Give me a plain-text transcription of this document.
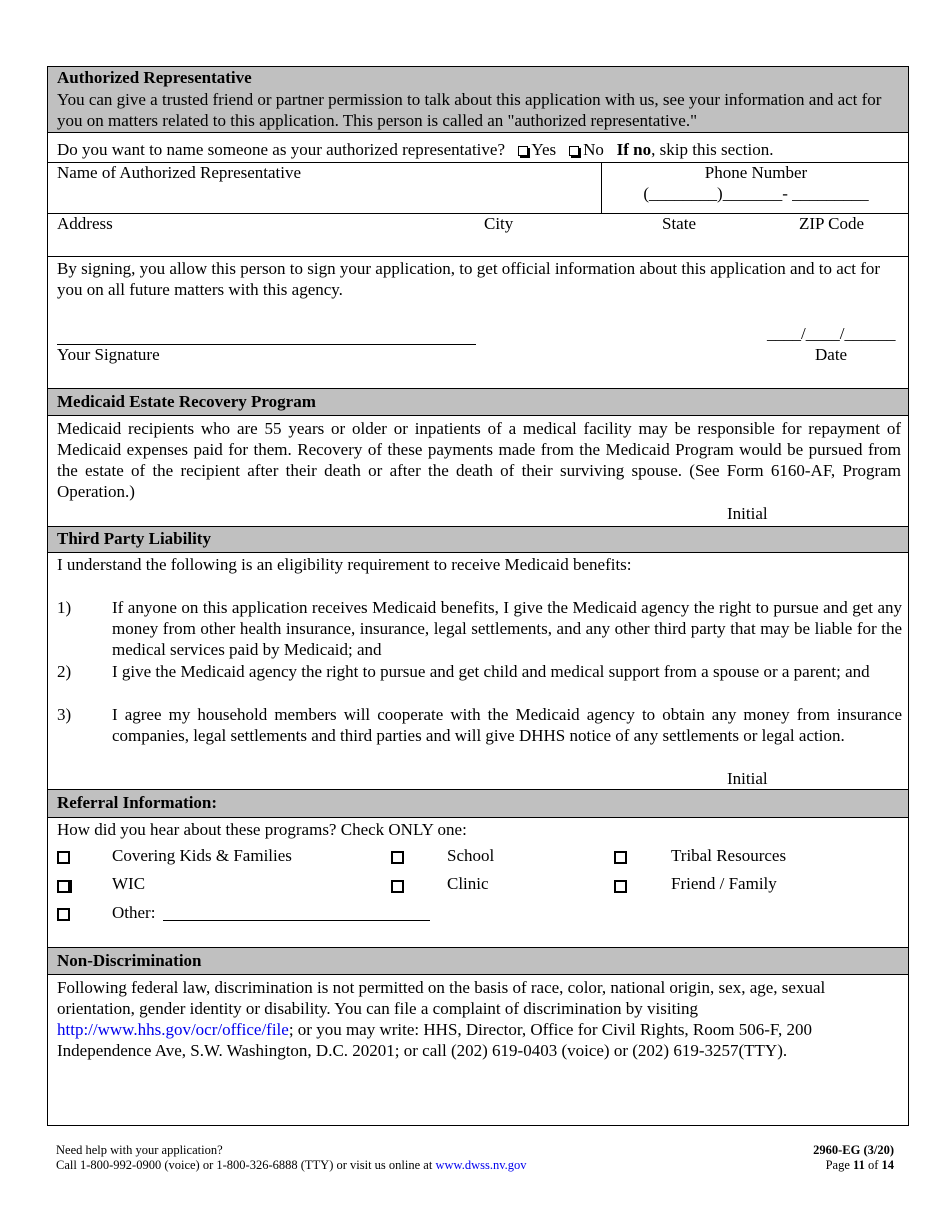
Authorized Representative
You can give a trusted friend or partner permission to talk about this application with us, see your information and act for you on matters related to this application. This person is called an "authorized representative."
Do you want to name someone as your authorized representative? Yes No If no, skip this section.
Name of Authorized Representative	Phone Number
(________)_______- _________
Address	City	State	ZIP Code
By signing, you allow this person to sign your application, to get official information about this application and to act for you on all future matters with this agency.
Your Signature
____/____/______
Date
Medicaid Estate Recovery Program
Medicaid recipients who are 55 years or older or inpatients of a medical facility may be responsible for repayment of Medicaid expenses paid for them. Recovery of these payments made from the Medicaid Program would be pursued from the estate of the recipient after their death or after the death of their surviving spouse. (See Form 6160-AF, Program Operation.)
Initial
Third Party Liability
I understand the following is an eligibility requirement to receive Medicaid benefits:
1) If anyone on this application receives Medicaid benefits, I give the Medicaid agency the right to pursue and get any money from other health insurance, insurance, legal settlements, and any other third party that may be liable for the medical services paid by Medicaid; and
2) I give the Medicaid agency the right to pursue and get child and medical support from a spouse or a parent; and
3) I agree my household members will cooperate with the Medicaid agency to obtain any money from insurance companies, legal settlements and third parties and will give DHHS notice of any settlements or legal action.
Initial
Referral Information:
How did you hear about these programs? Check ONLY one:
Covering Kids & Families	School	Tribal Resources
WIC	Clinic	Friend / Family
Other:
Non-Discrimination
Following federal law, discrimination is not permitted on the basis of race, color, national origin, sex, age, sexual orientation, gender identity or disability. You can file a complaint of discrimination by visiting http://www.hhs.gov/ocr/office/file; or you may write: HHS, Director, Office for Civil Rights, Room 506-F, 200 Independence Ave, S.W. Washington, D.C. 20201; or call (202) 619-0403 (voice) or (202) 619-3257(TTY).
Need help with your application?
Call 1-800-992-0900 (voice) or 1-800-326-6888 (TTY) or visit us online at www.dwss.nv.gov
2960-EG (3/20)
Page 11 of 14
